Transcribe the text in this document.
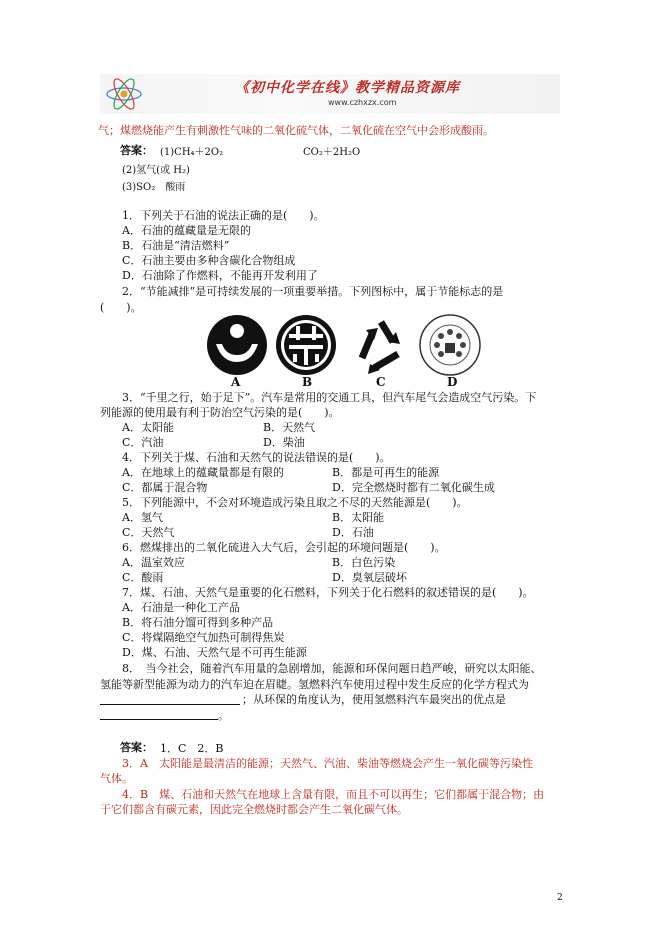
《初中化学在线》教学精品资源库
www.czhxzx.com
气；煤燃烧能产生有刺激性气味的二氧化硫气体，二氧化硫在空气中会形成酸雨。
答案： (1)CH₄＋2O₂	CO₂＋2H₂O
(2)氢气(或 H₂)
(3)SO₂　酸雨
1．下列关于石油的说法正确的是(　　)。
A．石油的蕴藏量是无限的
B．石油是“清洁燃料”
C．石油主要由多种含碳化合物组成
D．石油除了作燃料，不能再开发利用了
2．“节能减排”是可持续发展的一项重要举措。下列图标中，属于节能标志的是
(　　)。
A	B	C	D
3．“千里之行，始于足下”。汽车是常用的交通工具，但汽车尾气会造成空气污染。下
列能源的使用最有利于防治空气污染的是(　　)。
A．太阳能	B．天然气
C．汽油	D．柴油
4．下列关于煤、石油和天然气的说法错误的是(　　)。
A．在地球上的蕴藏量都是有限的	B．都是可再生的能源
C．都属于混合物	D．完全燃烧时都有二氧化碳生成
5．下列能源中，不会对环境造成污染且取之不尽的天然能源是(　　)。
A．氢气	B．太阳能
C．天然气	D．石油
6．燃煤排出的二氧化硫进入大气后，会引起的环境问题是(　　)。
A．温室效应	B．白色污染
C．酸雨	D．臭氧层破坏
7．煤、石油、天然气是重要的化石燃料，下列关于化石燃料的叙述错误的是(　　)。
A．石油是一种化工产品
B．将石油分馏可得到多种产品
C．将煤隔绝空气加热可制得焦炭
D．煤、石油、天然气是不可再生能源
8．　当今社会，随着汽车用量的急剧增加，能源和环保问题日趋严峻，研究以太阳能、
氢能等新型能源为动力的汽车迫在眉睫。氢燃料汽车使用过程中发生反应的化学方程式为
；从环保的角度认为，使用氢燃料汽车最突出的优点是
。
答案： 1．C　2．B
3．A　太阳能是最清洁的能源；天然气、汽油、柴油等燃烧会产生一氧化碳等污染性
气体。
4．B　煤、石油和天然气在地球上含量有限，而且不可以再生；它们都属于混合物；由
于它们都含有碳元素，因此完全燃烧时都会产生二氧化碳气体。
2
